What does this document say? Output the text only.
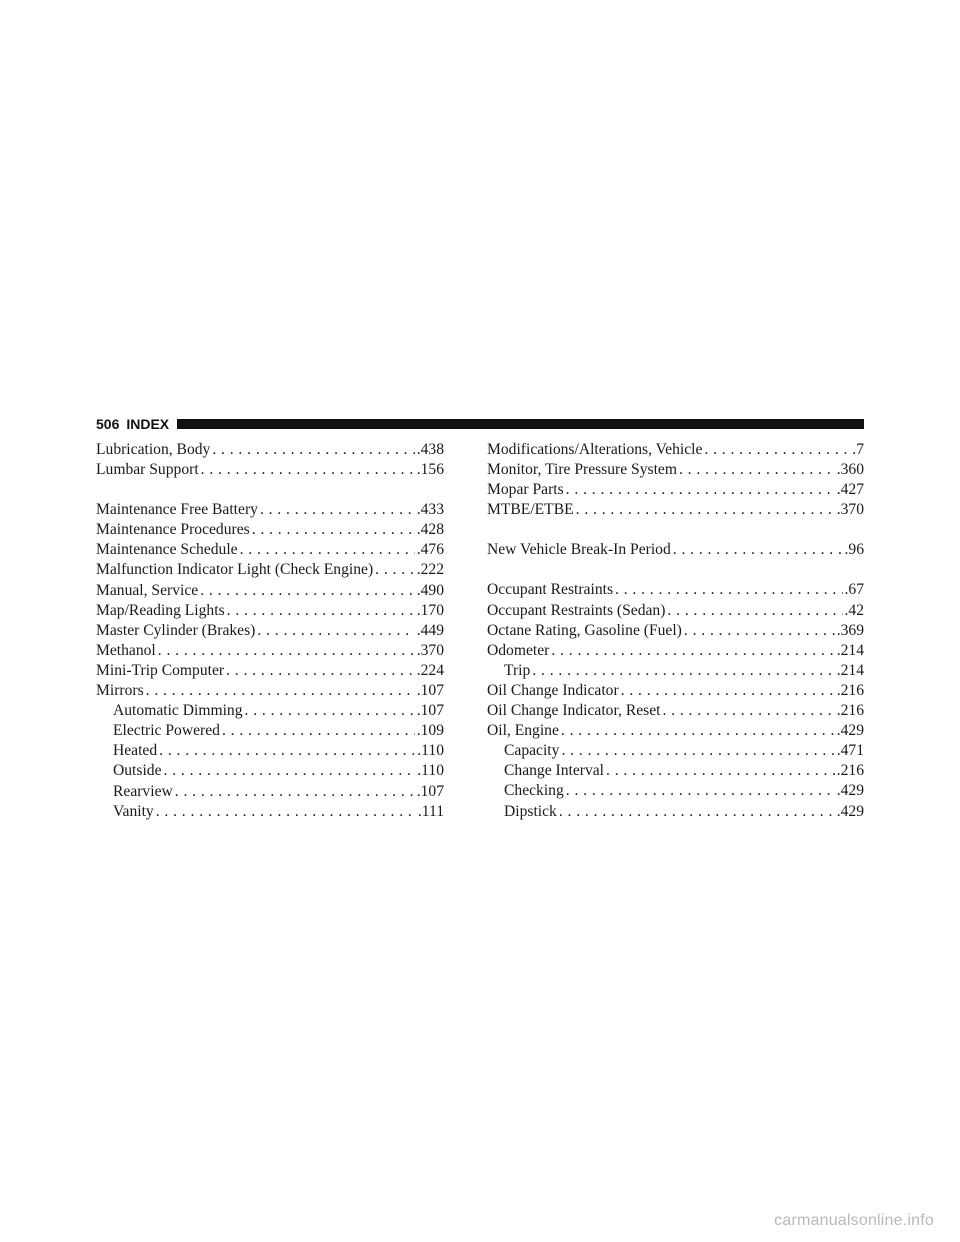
506 INDEX
Lubrication, Body . . .	.438
Lumbar Support . . .	.156
Maintenance Free Battery . . .	.433
Maintenance Procedures . . .	.428
Maintenance Schedule . . .	.476
Malfunction Indicator Light (Check Engine) . . .	.222
Manual, Service . . .	.490
Map/Reading Lights . . .	.170
Master Cylinder (Brakes) . . .	.449
Methanol . . .	.370
Mini-Trip Computer . . .	.224
Mirrors . . .	.107
Automatic Dimming . . .	.107
Electric Powered . . .	.109
Heated . . .	.110
Outside . . .	.110
Rearview . . .	.107
Vanity . . .	.111
Modifications/Alterations, Vehicle . . .	.7
Monitor, Tire Pressure System . . .	.360
Mopar Parts . . .	.427
MTBE/ETBE . . .	.370
New Vehicle Break-In Period . . .	.96
Occupant Restraints . . .	.67
Occupant Restraints (Sedan) . . .	.42
Octane Rating, Gasoline (Fuel) . . .	.369
Odometer . . .	.214
Trip . . .	.214
Oil Change Indicator . . .	.216
Oil Change Indicator, Reset . . .	.216
Oil, Engine . . .	.429
Capacity . . .	.471
Change Interval . . .	.216
Checking . . .	.429
Dipstick . . .	.429
carmanualsonline.info
